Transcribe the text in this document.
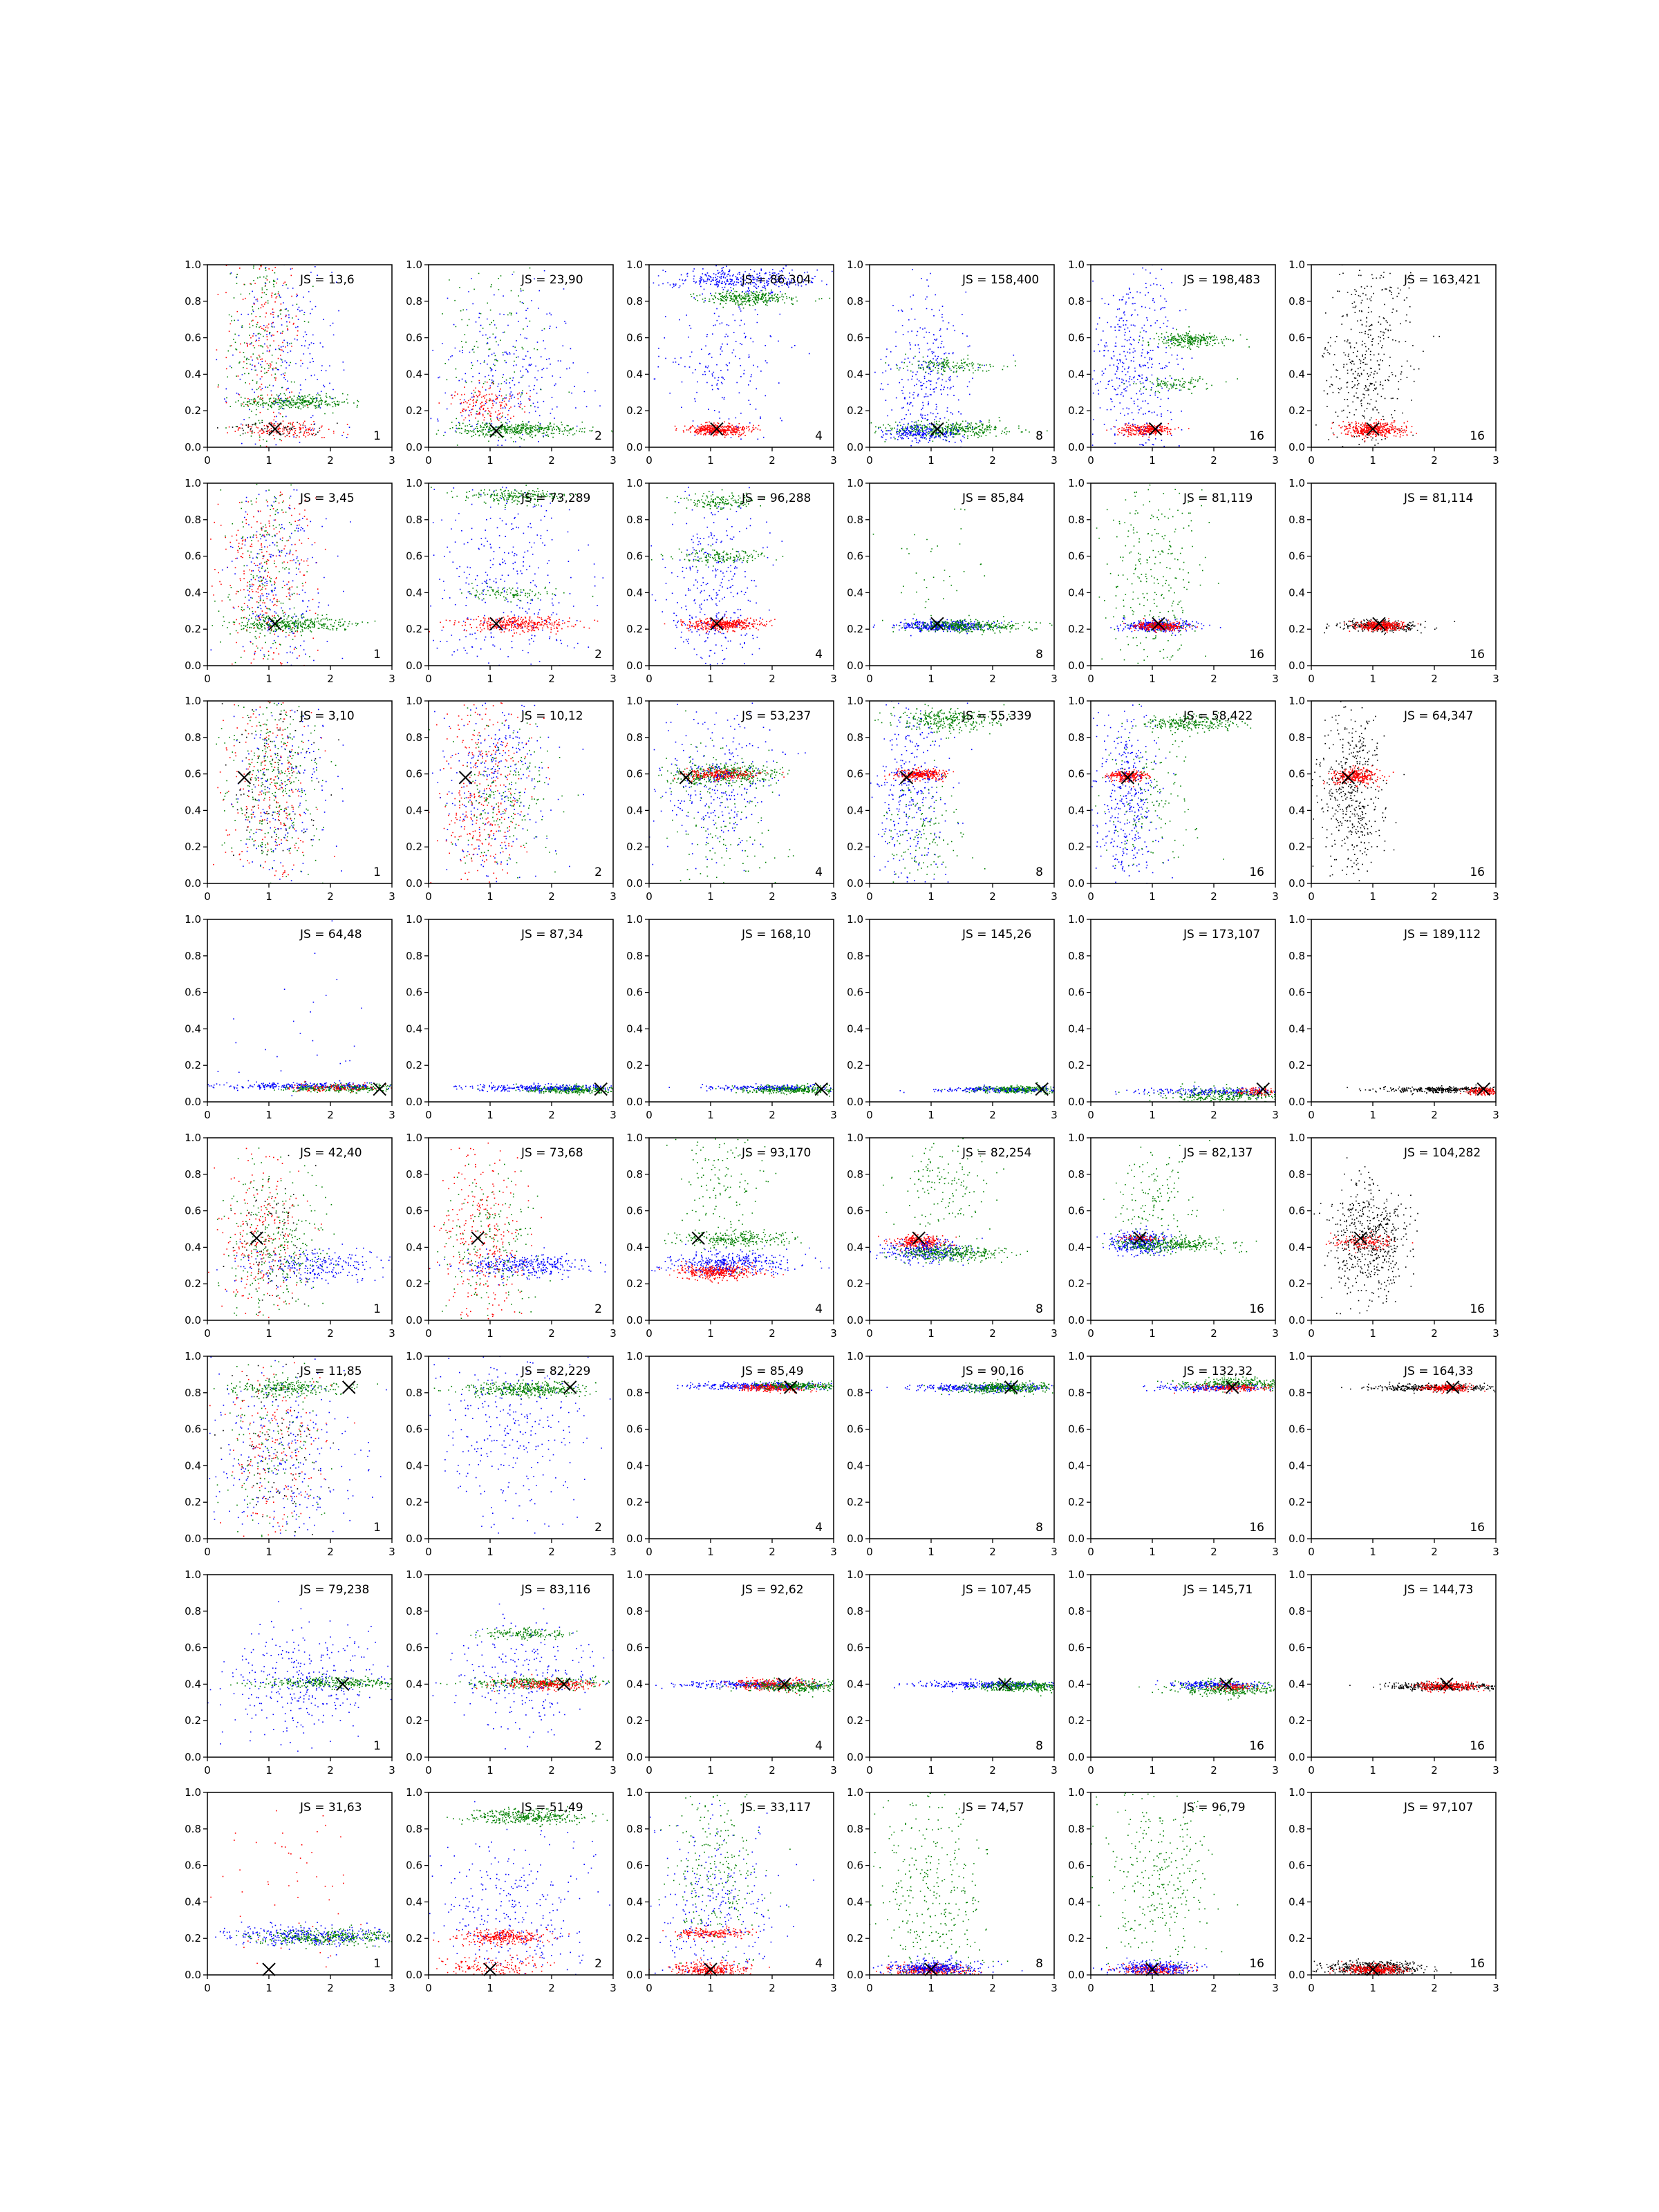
0	1	2	3
0.0
0.2
0.4
0.6
0.8
1.0
JS = 13,6
1
0	1	2	3
0.0
0.2
0.4
0.6
0.8
1.0
JS = 23,90
2
0	1	2	3
0.0
0.2
0.4
0.6
0.8
1.0
JS = 86,304
4
0	1	2	3
0.0
0.2
0.4
0.6
0.8
1.0
JS = 158,400
8
0	1	2	3
0.0
0.2
0.4
0.6
0.8
1.0
JS = 198,483
16
0	1	2	3
0.0
0.2
0.4
0.6
0.8
1.0
JS = 163,421
16
0	1	2	3
0.0
0.2
0.4
0.6
0.8
1.0
JS = 3,45
1
0	1	2	3
0.0
0.2
0.4
0.6
0.8
1.0
JS = 73,289
2
0	1	2	3
0.0
0.2
0.4
0.6
0.8
1.0
JS = 96,288
4
0	1	2	3
0.0
0.2
0.4
0.6
0.8
1.0
JS = 85,84
8
0	1	2	3
0.0
0.2
0.4
0.6
0.8
1.0
JS = 81,119
16
0	1	2	3
0.0
0.2
0.4
0.6
0.8
1.0
JS = 81,114
16
0	1	2	3
0.0
0.2
0.4
0.6
0.8
1.0
JS = 3,10
1
0	1	2	3
0.0
0.2
0.4
0.6
0.8
1.0
JS = 10,12
2
0	1	2	3
0.0
0.2
0.4
0.6
0.8
1.0
JS = 53,237
4
0	1	2	3
0.0
0.2
0.4
0.6
0.8
1.0
JS = 55,339
8
0	1	2	3
0.0
0.2
0.4
0.6
0.8
1.0
JS = 58,422
16
0	1	2	3
0.0
0.2
0.4
0.6
0.8
1.0
JS = 64,347
16
0	1	2	3
0.0
0.2
0.4
0.6
0.8
1.0
JS = 64,48
0	1	2	3
0.0
0.2
0.4
0.6
0.8
1.0
JS = 87,34
0	1	2	3
0.0
0.2
0.4
0.6
0.8
1.0
JS = 168,10
0	1	2	3
0.0
0.2
0.4
0.6
0.8
1.0
JS = 145,26
0	1	2	3
0.0
0.2
0.4
0.6
0.8
1.0
JS = 173,107
0	1	2	3
0.0
0.2
0.4
0.6
0.8
1.0
JS = 189,112
0	1	2	3
0.0
0.2
0.4
0.6
0.8
1.0
JS = 42,40
1
0	1	2	3
0.0
0.2
0.4
0.6
0.8
1.0
JS = 73,68
2
0	1	2	3
0.0
0.2
0.4
0.6
0.8
1.0
JS = 93,170
4
0	1	2	3
0.0
0.2
0.4
0.6
0.8
1.0
JS = 82,254
8
0	1	2	3
0.0
0.2
0.4
0.6
0.8
1.0
JS = 82,137
16
0	1	2	3
0.0
0.2
0.4
0.6
0.8
1.0
JS = 104,282
16
0	1	2	3
0.0
0.2
0.4
0.6
0.8
1.0
JS = 11,85
1
0	1	2	3
0.0
0.2
0.4
0.6
0.8
1.0
JS = 82,229
2
0	1	2	3
0.0
0.2
0.4
0.6
0.8
1.0
JS = 85,49
4
0	1	2	3
0.0
0.2
0.4
0.6
0.8
1.0
JS = 90,16
8
0	1	2	3
0.0
0.2
0.4
0.6
0.8
1.0
JS = 132,32
16
0	1	2	3
0.0
0.2
0.4
0.6
0.8
1.0
JS = 164,33
16
0	1	2	3
0.0
0.2
0.4
0.6
0.8
1.0
JS = 79,238
1
0	1	2	3
0.0
0.2
0.4
0.6
0.8
1.0
JS = 83,116
2
0	1	2	3
0.0
0.2
0.4
0.6
0.8
1.0
JS = 92,62
4
0	1	2	3
0.0
0.2
0.4
0.6
0.8
1.0
JS = 107,45
8
0	1	2	3
0.0
0.2
0.4
0.6
0.8
1.0
JS = 145,71
16
0	1	2	3
0.0
0.2
0.4
0.6
0.8
1.0
JS = 144,73
16
0	1	2	3
0.0
0.2
0.4
0.6
0.8
1.0
JS = 31,63
1
0	1	2	3
0.0
0.2
0.4
0.6
0.8
1.0
JS = 51,49
2
0	1	2	3
0.0
0.2
0.4
0.6
0.8
1.0
JS = 33,117
4
0	1	2	3
0.0
0.2
0.4
0.6
0.8
1.0
JS = 74,57
8
0	1	2	3
0.0
0.2
0.4
0.6
0.8
1.0
JS = 96,79
16
0	1	2	3
0.0
0.2
0.4
0.6
0.8
1.0
JS = 97,107
16
